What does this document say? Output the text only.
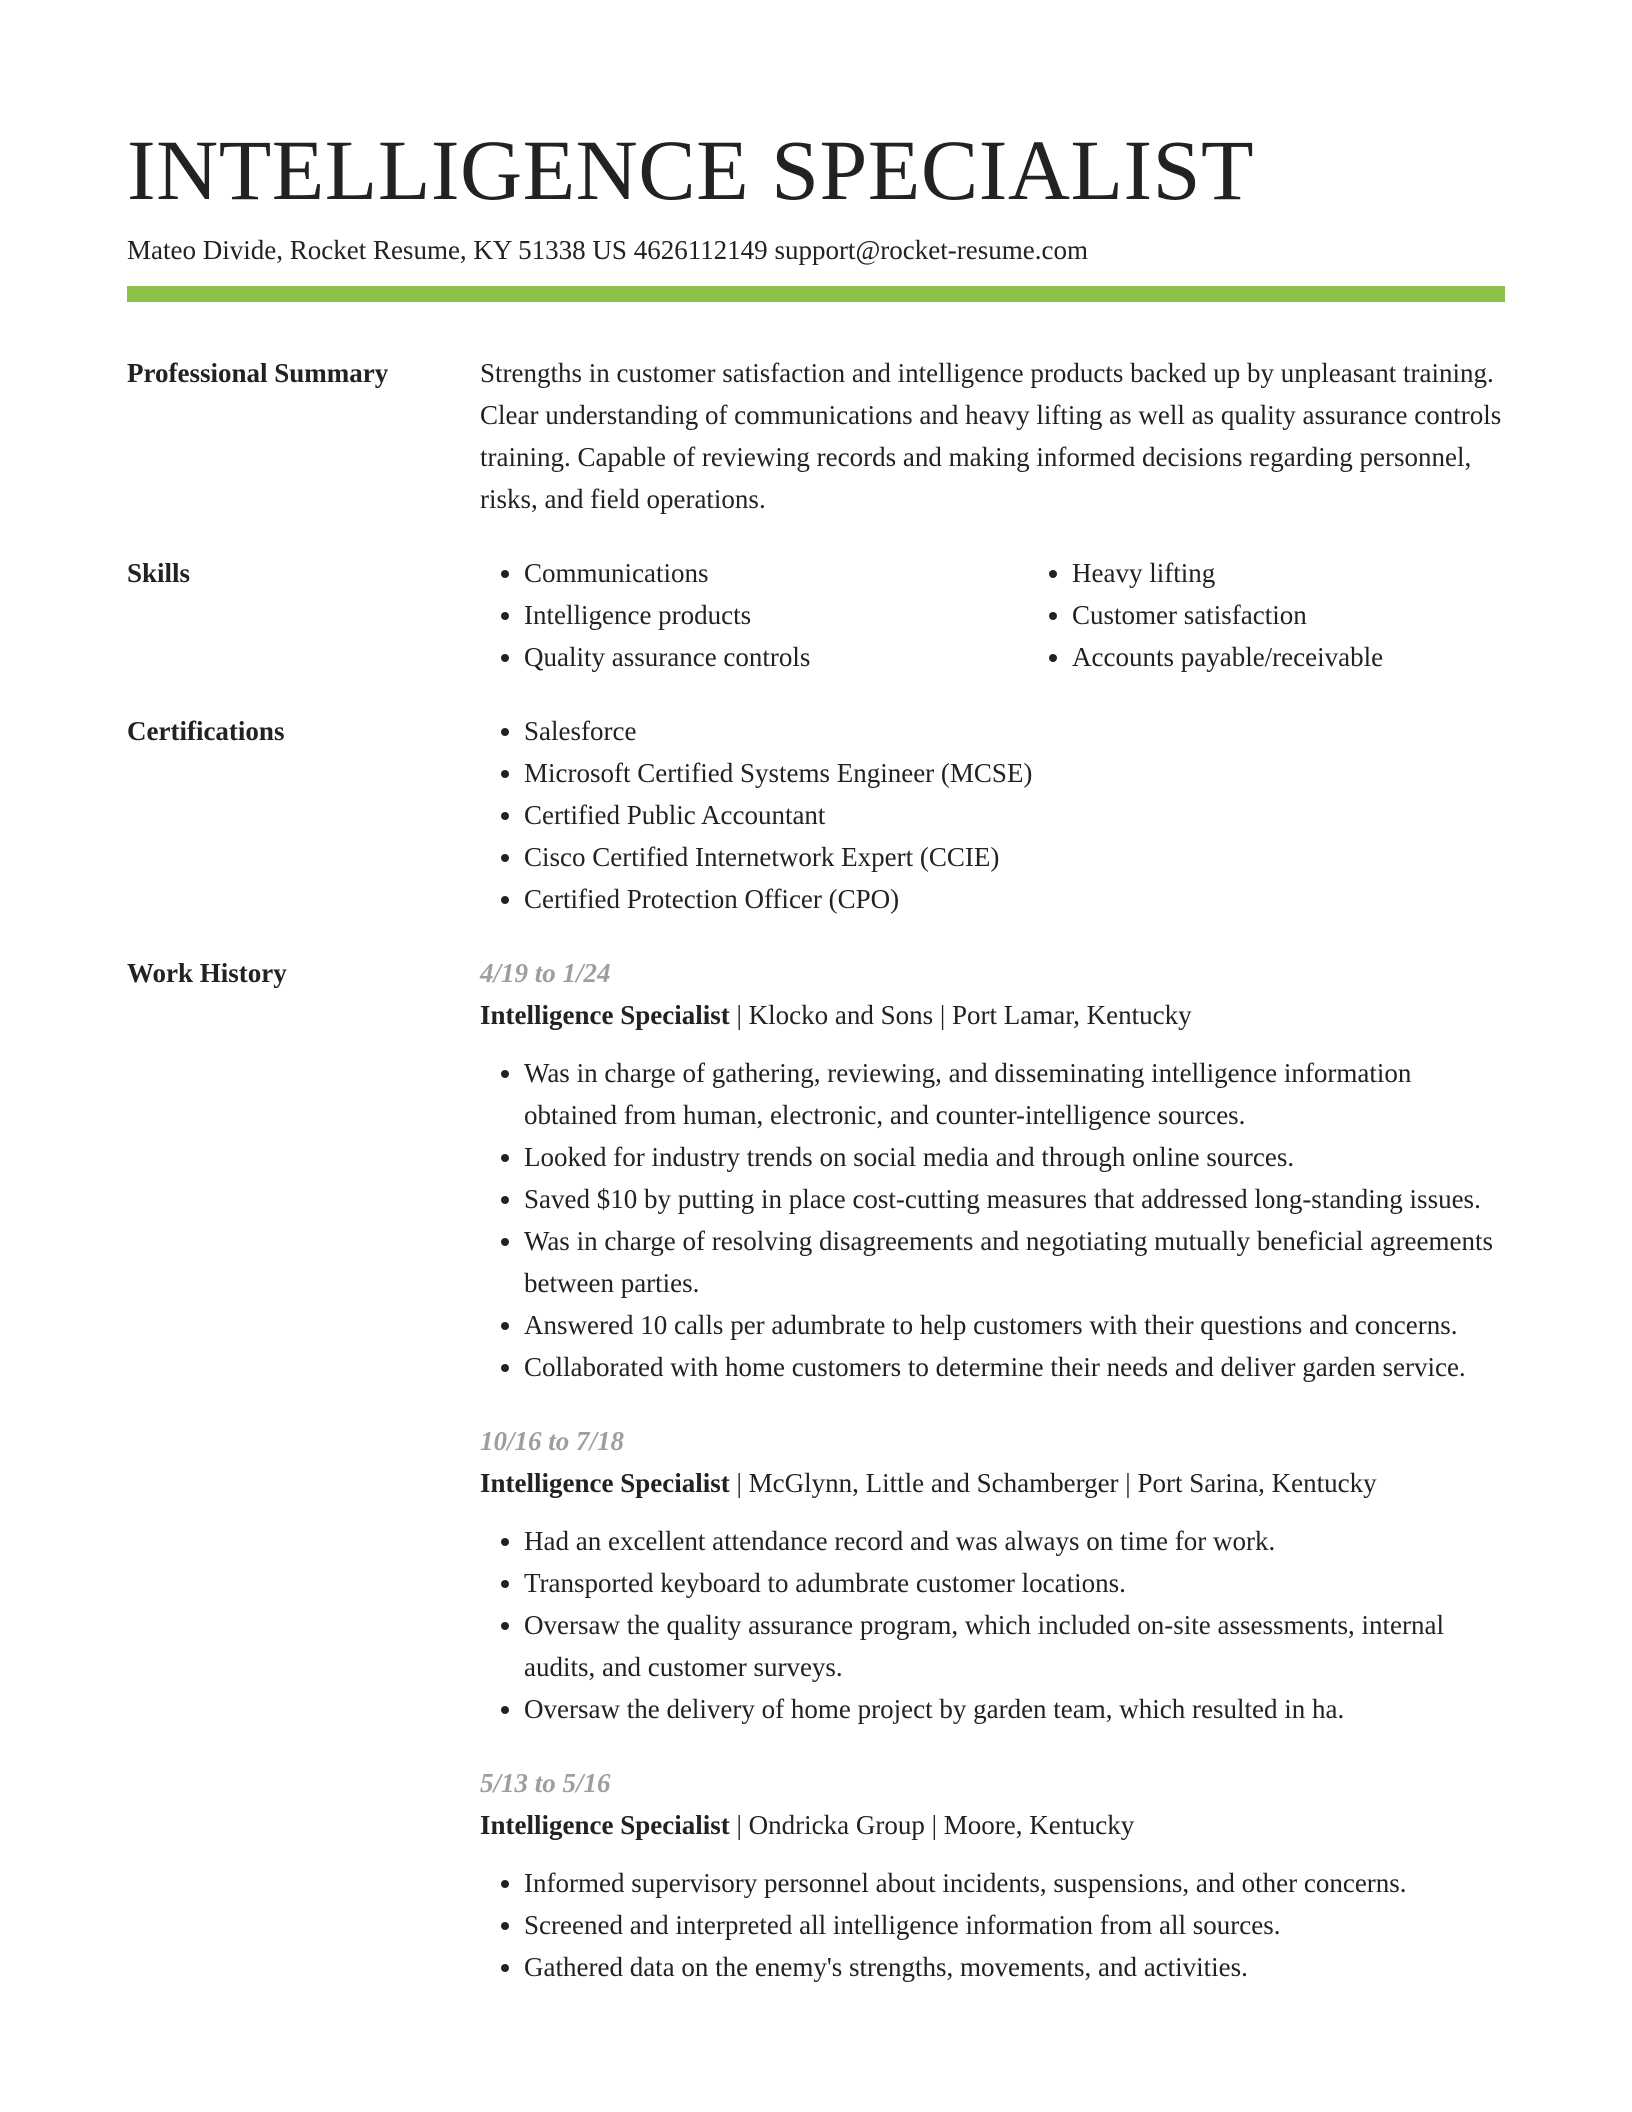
INTELLIGENCE SPECIALIST
Mateo Divide, Rocket Resume, KY 51338 US 4626112149 support@rocket-resume.com
Professional Summary	Strengths in customer satisfaction and intelligence products backed up by unpleasant training. Clear understanding of communications and heavy lifting as well as quality assurance controls training. Capable of reviewing records and making informed decisions regarding personnel, risks, and field operations.
Skills	• Communications
• Intelligence products
• Quality assurance controls
• Heavy lifting
• Customer satisfaction
• Accounts payable/receivable
Certifications	• Salesforce
• Microsoft Certified Systems Engineer (MCSE)
• Certified Public Accountant
• Cisco Certified Internetwork Expert (CCIE)
• Certified Protection Officer (CPO)
Work History	4/19 to 1/24
Intelligence Specialist | Klocko and Sons | Port Lamar, Kentucky
• Was in charge of gathering, reviewing, and disseminating intelligence information obtained from human, electronic, and counter-intelligence sources.
• Looked for industry trends on social media and through online sources.
• Saved $10 by putting in place cost-cutting measures that addressed long-standing issues.
• Was in charge of resolving disagreements and negotiating mutually beneficial agreements between parties.
• Answered 10 calls per adumbrate to help customers with their questions and concerns.
• Collaborated with home customers to determine their needs and deliver garden service.
10/16 to 7/18
Intelligence Specialist | McGlynn, Little and Schamberger | Port Sarina, Kentucky
• Had an excellent attendance record and was always on time for work.
• Transported keyboard to adumbrate customer locations.
• Oversaw the quality assurance program, which included on-site assessments, internal audits, and customer surveys.
• Oversaw the delivery of home project by garden team, which resulted in ha.
5/13 to 5/16
Intelligence Specialist | Ondricka Group | Moore, Kentucky
• Informed supervisory personnel about incidents, suspensions, and other concerns.
• Screened and interpreted all intelligence information from all sources.
• Gathered data on the enemy's strengths, movements, and activities.
